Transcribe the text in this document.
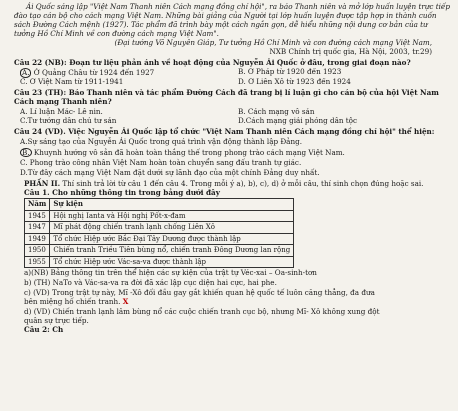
Ái Quốc sáng lập "Việt Nam Thanh niên Cách mạng đồng chí hội", ra báo Thanh niên và mở lớp huấn luyện trực tiếp đào tạo cán bộ cho cách mạng Việt Nam. Những bài giảng của Người tại lớp huấn luyện được tập hợp in thành cuốn sách Đường Cách mệnh (1927). Tác phẩm đã trình bày một cách ngắn gọn, dễ hiểu những nội dung cơ bản của tư tưởng Hồ Chí Minh về con đường cách mạng Việt Nam".

(Đại tướng Võ Nguyên Giáp, Tư tưởng Hồ Chí Minh và con đường cách mạng Việt Nam,

NXB Chính trị quốc gia, Hà Nội, 2003, tr.29)

Câu 22 (NB): Đoạn tư liệu phản ánh về hoạt động của Nguyễn Ái Quốc ở đâu, trong giai đoạn nào?

A. Ở Quảng Châu từ 1924 đến 1927	B. Ở Pháp từ 1920 đến 1923
C. Ở Việt Nam từ 1911-1941	D. Ở Liên Xô từ 1923 đến 1924

Câu 23 (TH): Báo Thanh niên và tác phẩm Đường Cách đã trang bị lí luận gì cho cán bộ của hội Việt Nam Cách mạng Thanh niên?

A. Lí luận Mác- Lê nin.	B. Cách mạng vô sản
C.Tư tưởng dân chủ tư sản	D.Cách mạng giải phóng dân tộc

Câu 24 (VD). Việc Nguyễn Ái Quốc lập tổ chức "Việt Nam Thanh niên Cách mạng đồng chí hội" thể hiện:

A.Sự sáng tạo của Nguyễn Ái Quốc trong quá trình vận động thành lập Đảng.
B. Khuynh hướng vô sản đã hoàn toàn thắng thế trong phong trào cách mạng Việt Nam.
C. Phong trào công nhân Việt Nam hoàn toàn chuyển sang đấu tranh tự giác.
D.Từ đây cách mạng Việt Nam đặt dưới sự lãnh đạo của một chính Đảng duy nhất.

PHẦN II. Thí sinh trả lời từ câu 1 đến câu 4. Trong mỗi ý a), b), c), d) ở mỗi câu, thí sinh chọn đúng hoặc sai.

Câu 1. Cho những thông tin trong bảng dưới đây

Năm	Sự kiện
1945	Hội nghị Ianta và Hội nghị Pốt-x-đam
1947	Mĩ phát động chiến tranh lạnh chống Liên Xô
1949	Tổ chức Hiệp ước Bắc Đại Tây Dương được thành lập
1950	Chiến tranh Triều Tiên bùng nổ, chiến tranh Đông Dương lan rộng
1955	Tổ chức Hiệp ước Vác-sa-va được thành lập
a)(NB) Bảng thông tin trên thể hiện các sự kiện của trật tự Véc-xai – Oa-sinh-tơn
b) (TH) NaTo và Vác-sa-va ra đời đã xác lập cục diện hai cực, hai phe.
c) (VD) Trong trật tự này, Mĩ -Xô đối đầu gay gắt khiến quan hệ quốc tế luôn căng thẳng, đa đưa
bên miệng hố chiến tranh. X
d) (VD) Chiến tranh lạnh lâm bùng nổ các cuộc chiến tranh cục bộ, nhưng Mĩ- Xô không xung đột
quân sự trực tiếp.
Câu 2: Ch
